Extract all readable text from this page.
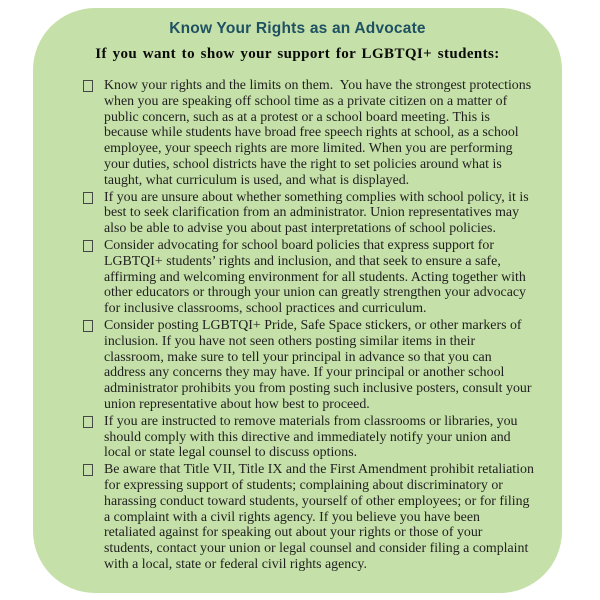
Know Your Rights as an Advocate
If you want to show your support for LGBTQI+ students:
Know your rights and the limits on them.  You have the strongest protections when you are speaking off school time as a private citizen on a matter of public concern, such as at a protest or a school board meeting. This is because while students have broad free speech rights at school, as a school employee, your speech rights are more limited. When you are performing your duties, school districts have the right to set policies around what is taught, what curriculum is used, and what is displayed.
If you are unsure about whether something complies with school policy, it is best to seek clarification from an administrator. Union representatives may also be able to advise you about past interpretations of school policies.
Consider advocating for school board policies that express support for LGBTQI+ students’ rights and inclusion, and that seek to ensure a safe, affirming and welcoming environment for all students. Acting together with other educators or through your union can greatly strengthen your advocacy for inclusive classrooms, school practices and curriculum.
Consider posting LGBTQI+ Pride, Safe Space stickers, or other markers of inclusion. If you have not seen others posting similar items in their classroom, make sure to tell your principal in advance so that you can address any concerns they may have. If your principal or another school administrator prohibits you from posting such inclusive posters, consult your union representative about how best to proceed.
If you are instructed to remove materials from classrooms or libraries, you should comply with this directive and immediately notify your union and local or state legal counsel to discuss options.
Be aware that Title VII, Title IX and the First Amendment prohibit retaliation for expressing support of students; complaining about discriminatory or harassing conduct toward students, yourself of other employees; or for filing a complaint with a civil rights agency. If you believe you have been retaliated against for speaking out about your rights or those of your students, contact your union or legal counsel and consider filing a complaint with a local, state or federal civil rights agency.
